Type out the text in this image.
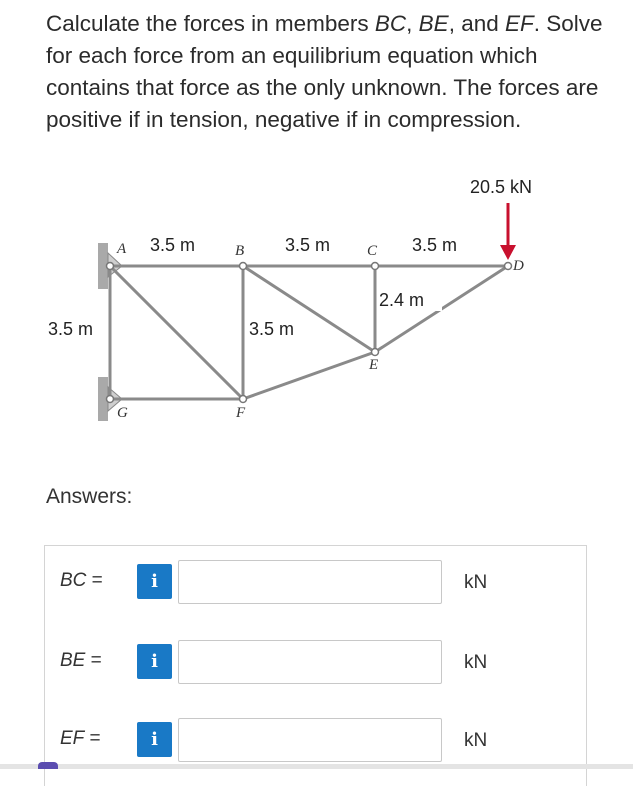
Calculate the forces in members BC, BE, and EF. Solve for each force from an equilibrium equation which contains that force as the only unknown. The forces are positive if in tension, negative if in compression.
20.5 kN
3.5 m	3.5 m	3.5 m
3.5 m
3.5 m
2.4 m
A	B	C
D
E
F
G
Answers:
BC =	i	kN
BE =	i	kN
EF =	i	kN
